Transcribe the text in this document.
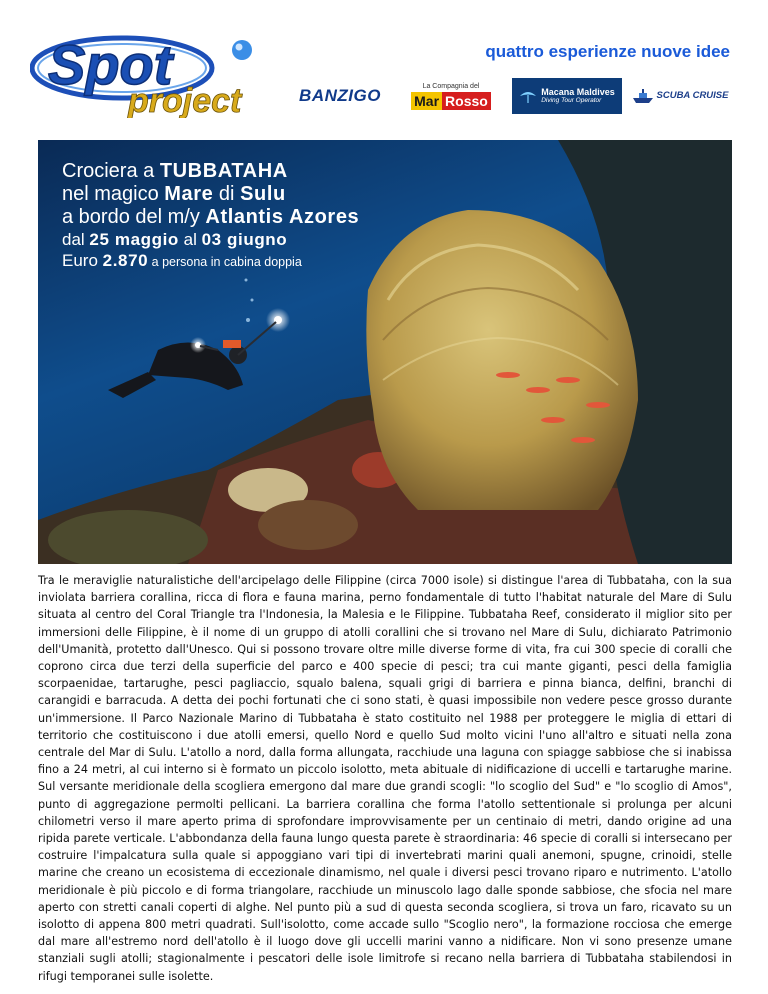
Spot
project
quattro esperienze nuove idee
BANZIGO	La Compagnia del
Mar Rosso
Macana Maldives
Diving Tour Operator
SCUBA CRUISE
Crociera a TUBBATAHA
nel magico Mare di Sulu
a bordo del m/y Atlantis Azores
dal 25 maggio al 03 giugno
Euro 2.870 a persona in cabina doppia
Tra le meraviglie naturalistiche dell'arcipelago delle Filippine (circa 7000 isole) si distingue l'area di Tubbataha, con la sua inviolata barriera corallina, ricca di flora e fauna marina, perno fondamentale di tutto l'habitat naturale del Mare di Sulu situata al centro del Coral Triangle tra l'Indonesia, la Malesia e le Filippine. Tubbataha Reef, considerato il miglior sito per immersioni delle Filippine, è il nome di un gruppo di atolli corallini che si trovano nel Mare di Sulu, dichiarato Patrimonio dell'Umanità, protetto dall'Unesco. Qui si possono trovare oltre mille diverse forme di vita, fra cui 300 specie di coralli che coprono circa due terzi della superficie del parco e 400 specie di pesci; tra cui mante giganti, pesci della famiglia scorpaenidae, tartarughe, pesci pagliaccio, squalo balena, squali grigi di barriera e pinna bianca, delfini, branchi di carangidi e barracuda. A detta dei pochi fortunati che ci sono stati, è quasi impossibile non vedere pesce grosso durante un'immersione. Il Parco Nazionale Marino di Tubbataha è stato costituito nel 1988 per proteggere le miglia di ettari di territorio che costituiscono i due atolli emersi, quello Nord e quello Sud molto vicini l'uno all'altro e situati nella zona centrale del Mar di Sulu. L'atollo a nord, dalla forma allungata, racchiude una laguna con spiagge sabbiose che si inabissa fino a 24 metri, al cui interno si è formato un piccolo isolotto, meta abituale di nidificazione di uccelli e tartarughe marine. Sul versante meridionale della scogliera emergono dal mare due grandi scogli: "lo scoglio del Sud" e "lo scoglio di Amos", punto di aggregazione permolti pellicani. La barriera corallina che forma l'atollo settentionale si prolunga per alcuni chilometri verso il mare aperto prima di sprofondare improvvisamente per un centinaio di metri, dando origine ad una ripida parete verticale. L'abbondanza della fauna lungo questa parete è straordinaria: 46 specie di coralli si intersecano per costruire l'impalcatura sulla quale si appoggiano vari tipi di invertebrati marini quali anemoni, spugne, crinoidi, stelle marine che creano un ecosistema di eccezionale dinamismo, nel quale i diversi pesci trovano riparo e nutrimento. L'atollo meridionale è più piccolo e di forma triangolare, racchiude un minuscolo lago dalle sponde sabbiose, che sfocia nel mare aperto con stretti canali coperti di alghe. Nel punto più a sud di questa seconda scogliera, si trova un faro, ricavato su un isolotto di appena 800 metri quadrati. Sull'isolotto, come accade sullo "Scoglio nero", la formazione rocciosa che emerge dal mare all'estremo nord dell'atollo è il luogo dove gli uccelli marini vanno a nidificare. Non vi sono presenze umane stanziali sugli atolli; stagionalmente i pescatori delle isole limitrofe si recano nella barriera di Tubbataha stabilendosi in rifugi temporanei sulle isolette.
